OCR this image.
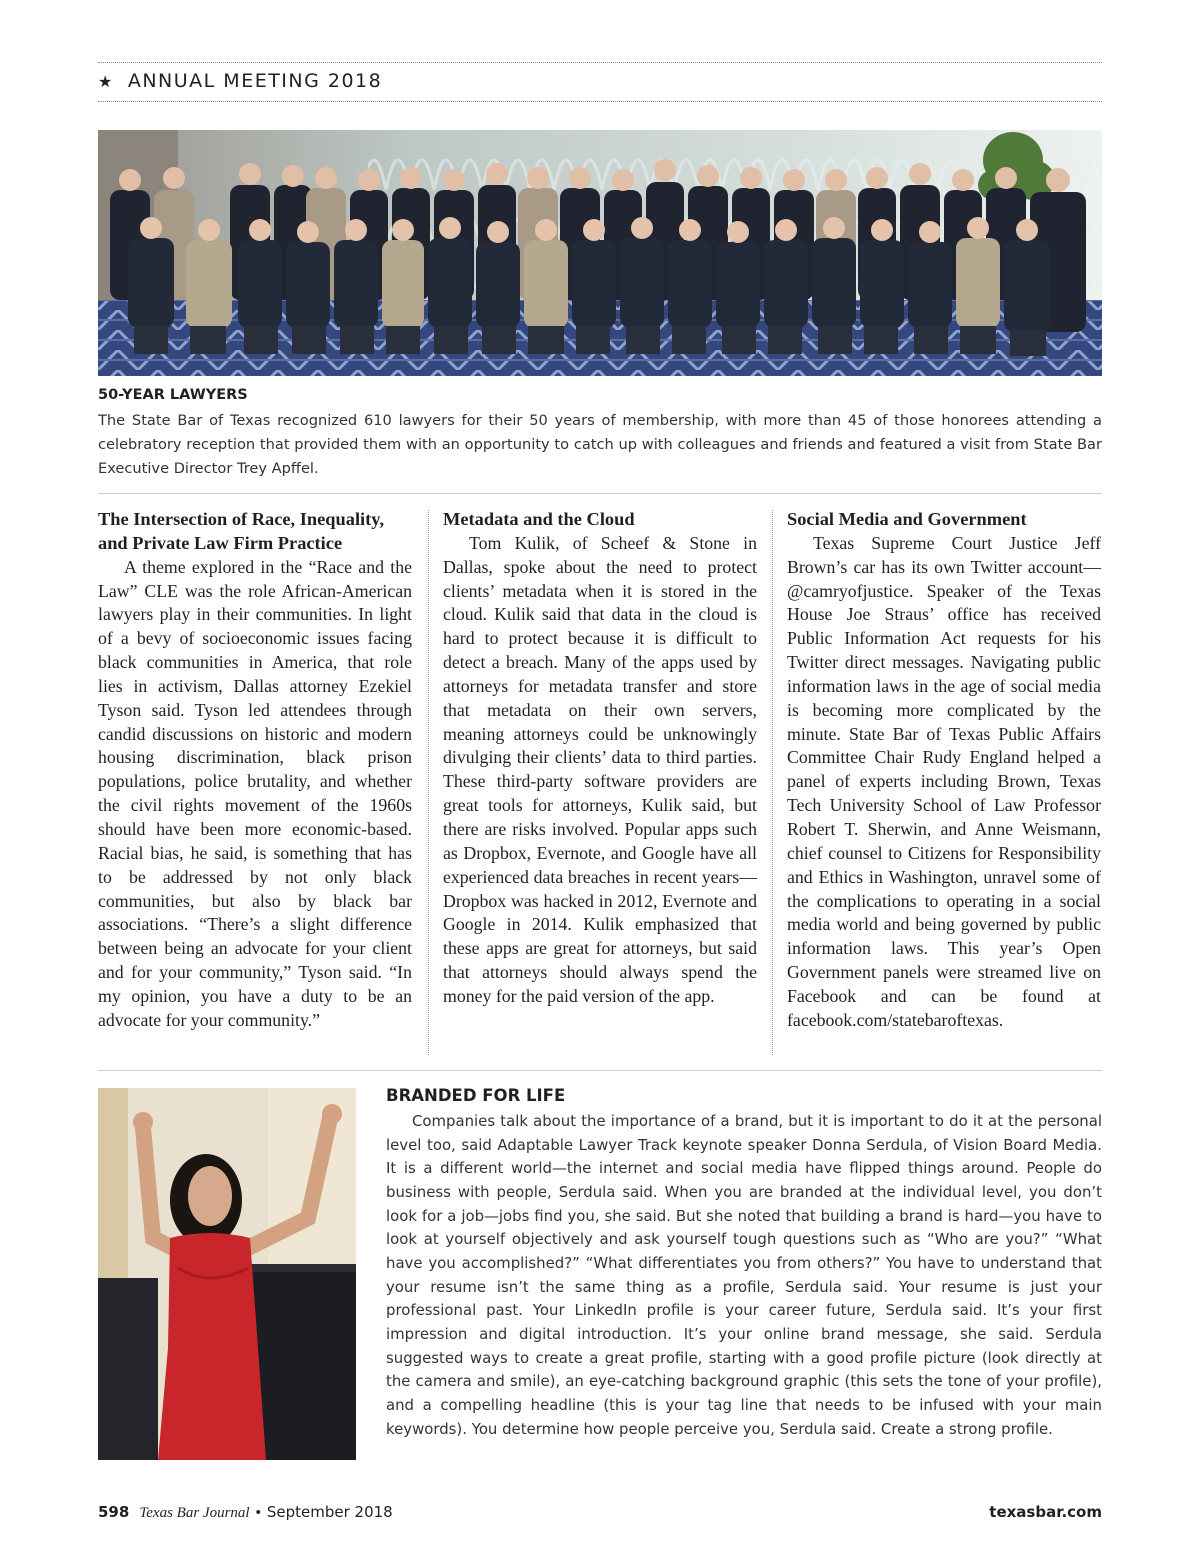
★ ANNUAL MEETING 2018
50-YEAR LAWYERS
The State Bar of Texas recognized 610 lawyers for their 50 years of membership, with more than 45 of those honorees attending a celebratory reception that provided them with an opportunity to catch up with colleagues and friends and featured a visit from State Bar Executive Director Trey Apffel.
The Intersection of Race, Inequality, and Private Law Firm Practice

A theme explored in the “Race and the Law” CLE was the role African-American lawyers play in their communities. In light of a bevy of socioeconomic issues facing black communities in America, that role lies in activism, Dallas attorney Ezekiel Tyson said. Tyson led attendees through candid discussions on historic and modern housing discrimination, black prison populations, police brutality, and whether the civil rights movement of the 1960s should have been more economic-based. Racial bias, he said, is something that has to be addressed by not only black communities, but also by black bar associations. “There’s a slight difference between being an advocate for your client and for your community,” Tyson said. “In my opinion, you have a duty to be an advocate for your community.”

Metadata and the Cloud

Tom Kulik, of Scheef & Stone in Dallas, spoke about the need to protect clients’ metadata when it is stored in the cloud. Kulik said that data in the cloud is hard to protect because it is difficult to detect a breach. Many of the apps used by attorneys for metadata transfer and store that metadata on their own servers, meaning attorneys could be unknowingly divulging their clients’ data to third parties. These third-party software providers are great tools for attorneys, Kulik said, but there are risks involved. Popular apps such as Dropbox, Evernote, and Google have all experienced data breaches in recent years—Dropbox was hacked in 2012, Evernote and Google in 2014. Kulik emphasized that these apps are great for attorneys, but said that attorneys should always spend the money for the paid version of the app.

Social Media and Government

Texas Supreme Court Justice Jeff Brown’s car has its own Twitter account—@camryofjustice. Speaker of the Texas House Joe Straus’ office has received Public Information Act requests for his Twitter direct messages. Navigating public information laws in the age of social media is becoming more complicated by the minute. State Bar of Texas Public Affairs Committee Chair Rudy England helped a panel of experts including Brown, Texas Tech University School of Law Professor Robert T. Sherwin, and Anne Weismann, chief counsel to Citizens for Responsibility and Ethics in Washington, unravel some of the complications to operating in a social media world and being governed by public information laws. This year’s Open Government panels were streamed live on Facebook and can be found at facebook.com/statebaroftexas.

BRANDED FOR LIFE

Companies talk about the importance of a brand, but it is important to do it at the personal level too, said Adaptable Lawyer Track keynote speaker Donna Serdula, of Vision Board Media. It is a different world—the internet and social media have flipped things around. People do business with people, Serdula said. When you are branded at the individual level, you don’t look for a job—jobs find you, she said. But she noted that building a brand is hard—you have to look at yourself objectively and ask yourself tough questions such as “Who are you?” “What have you accomplished?” “What differentiates you from others?” You have to understand that your resume isn’t the same thing as a profile, Serdula said. Your resume is just your professional past. Your LinkedIn profile is your career future, Serdula said. It’s your first impression and digital introduction. It’s your online brand message, she said. Serdula suggested ways to create a great profile, starting with a good profile picture (look directly at the camera and smile), an eye-catching background graphic (this sets the tone of your profile), and a compelling headline (this is your tag line that needs to be infused with your main keywords). You determine how people perceive you, Serdula said. Create a strong profile.

598 Texas Bar Journal • September 2018	texasbar.com
